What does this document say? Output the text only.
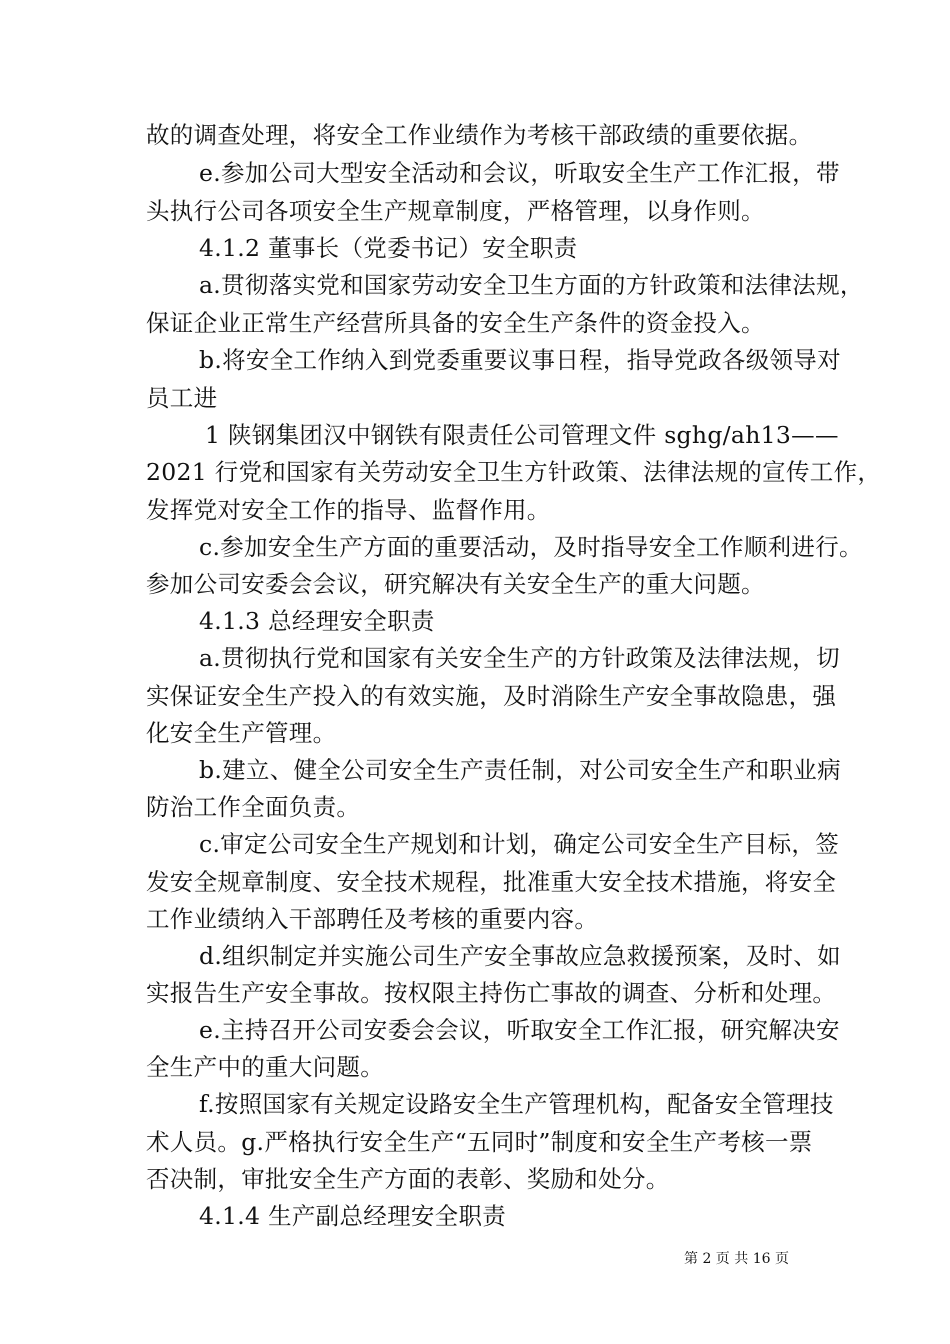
故的调查处理，将安全工作业绩作为考核干部政绩的重要依据。
e.参加公司大型安全活动和会议，听取安全生产工作汇报，带
头执行公司各项安全生产规章制度，严格管理，以身作则。
4.1.2 董事长（党委书记）安全职责
a.贯彻落实党和国家劳动安全卫生方面的方针政策和法律法规，
保证企业正常生产经营所具备的安全生产条件的资金投入。
b.将安全工作纳入到党委重要议事日程，指导党政各级领导对
员工进
1 陕钢集团汉中钢铁有限责任公司管理文件 sghg/ah13——
2021 行党和国家有关劳动安全卫生方针政策、法律法规的宣传工作，
发挥党对安全工作的指导、监督作用。
c.参加安全生产方面的重要活动，及时指导安全工作顺利进行。
参加公司安委会会议，研究解决有关安全生产的重大问题。
4.1.3 总经理安全职责
a.贯彻执行党和国家有关安全生产的方针政策及法律法规，切
实保证安全生产投入的有效实施，及时消除生产安全事故隐患，强
化安全生产管理。
b.建立、健全公司安全生产责任制，对公司安全生产和职业病
防治工作全面负责。
c.审定公司安全生产规划和计划，确定公司安全生产目标，签
发安全规章制度、安全技术规程，批准重大安全技术措施，将安全
工作业绩纳入干部聘任及考核的重要内容。
d.组织制定并实施公司生产安全事故应急救援预案，及时、如
实报告生产安全事故。按权限主持伤亡事故的调查、分析和处理。
e.主持召开公司安委会会议，听取安全工作汇报，研究解决安
全生产中的重大问题。
f.按照国家有关规定设路安全生产管理机构，配备安全管理技
术人员。g.严格执行安全生产“五同时”制度和安全生产考核一票
否决制，审批安全生产方面的表彰、奖励和处分。
4.1.4 生产副总经理安全职责
第 2 页 共 16 页
